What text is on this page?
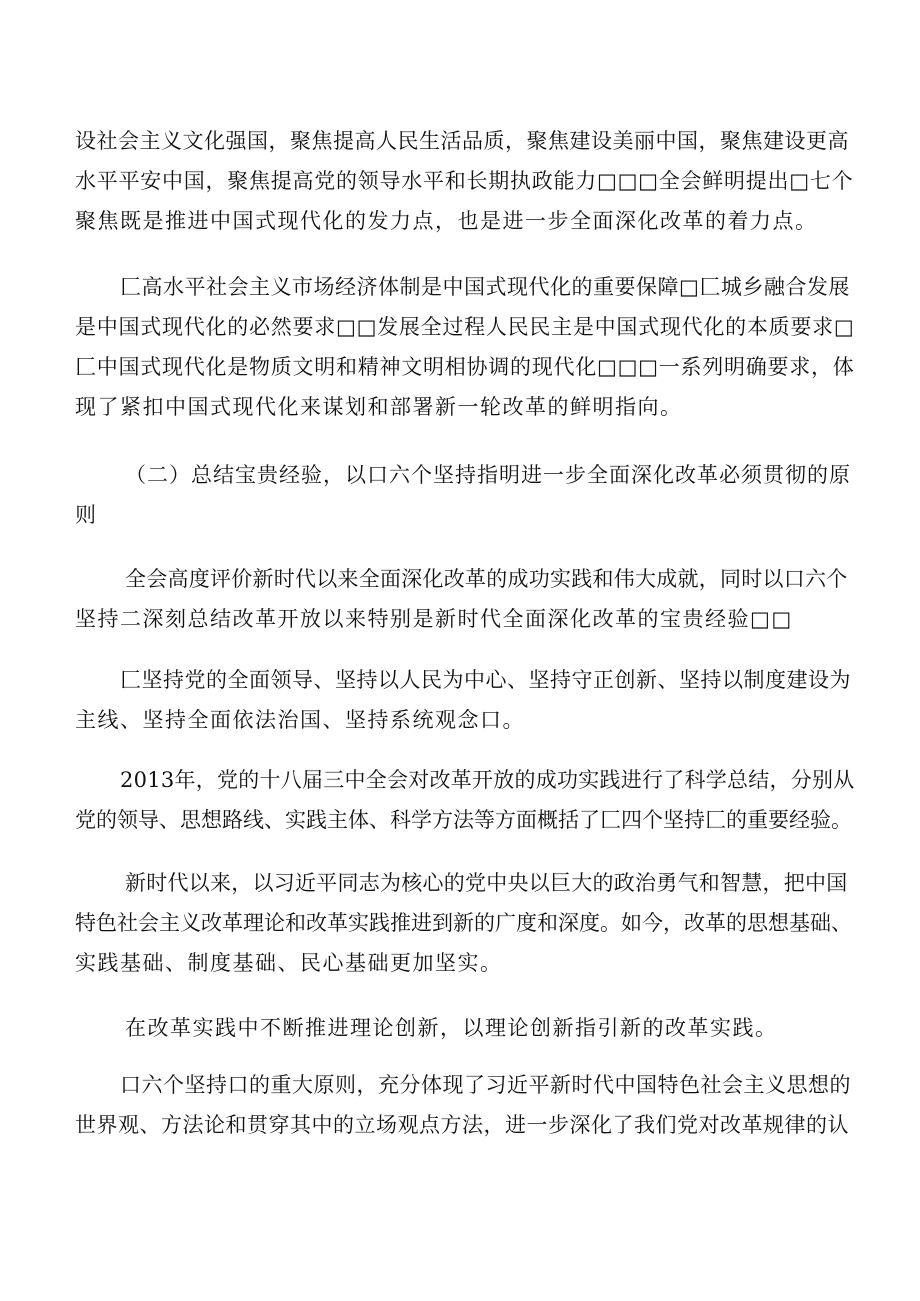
设社会主义文化强国，聚焦提高人民生活品质，聚焦建设美丽中国，聚焦建设更高
水平平安中国，聚焦提高党的领导水平和长期执政能力□□□全会鲜明提出□七个
聚焦既是推进中国式现代化的发力点，也是进一步全面深化改革的着力点。

⼕高水平社会主义市场经济体制是中国式现代化的重要保障□⼕城乡融合发展
是中国式现代化的必然要求□□发展全过程人民民主是中国式现代化的本质要求□
⼕中国式现代化是物质文明和精神文明相协调的现代化□□□一系列明确要求，体
现了紧扣中国式现代化来谋划和部署新一轮改革的鲜明指向。

（二）总结宝贵经验，以口六个坚持指明进一步全面深化改革必须贯彻的原
则

全会高度评价新时代以来全面深化改革的成功实践和伟大成就，同时以口六个
坚持二深刻总结改革开放以来特别是新时代全面深化改革的宝贵经验□□

⼕坚持党的全面领导、坚持以人民为中心、坚持守正创新、坚持以制度建设为
主线、坚持全面依法治国、坚持系统观念口。

2013年，党的十八届三中全会对改革开放的成功实践进行了科学总结，分别从
党的领导、思想路线、实践主体、科学方法等方面概括了⼕四个坚持⼕的重要经验。

新时代以来，以习近平同志为核心的党中央以巨大的政治勇气和智慧，把中国
特色社会主义改革理论和改革实践推进到新的广度和深度。如今，改革的思想基础、
实践基础、制度基础、民心基础更加坚实。

在改革实践中不断推进理论创新，以理论创新指引新的改革实践。

口六个坚持口的重大原则，充分体现了习近平新时代中国特色社会主义思想的
世界观、方法论和贯穿其中的立场观点方法，进一步深化了我们党对改革规律的认
